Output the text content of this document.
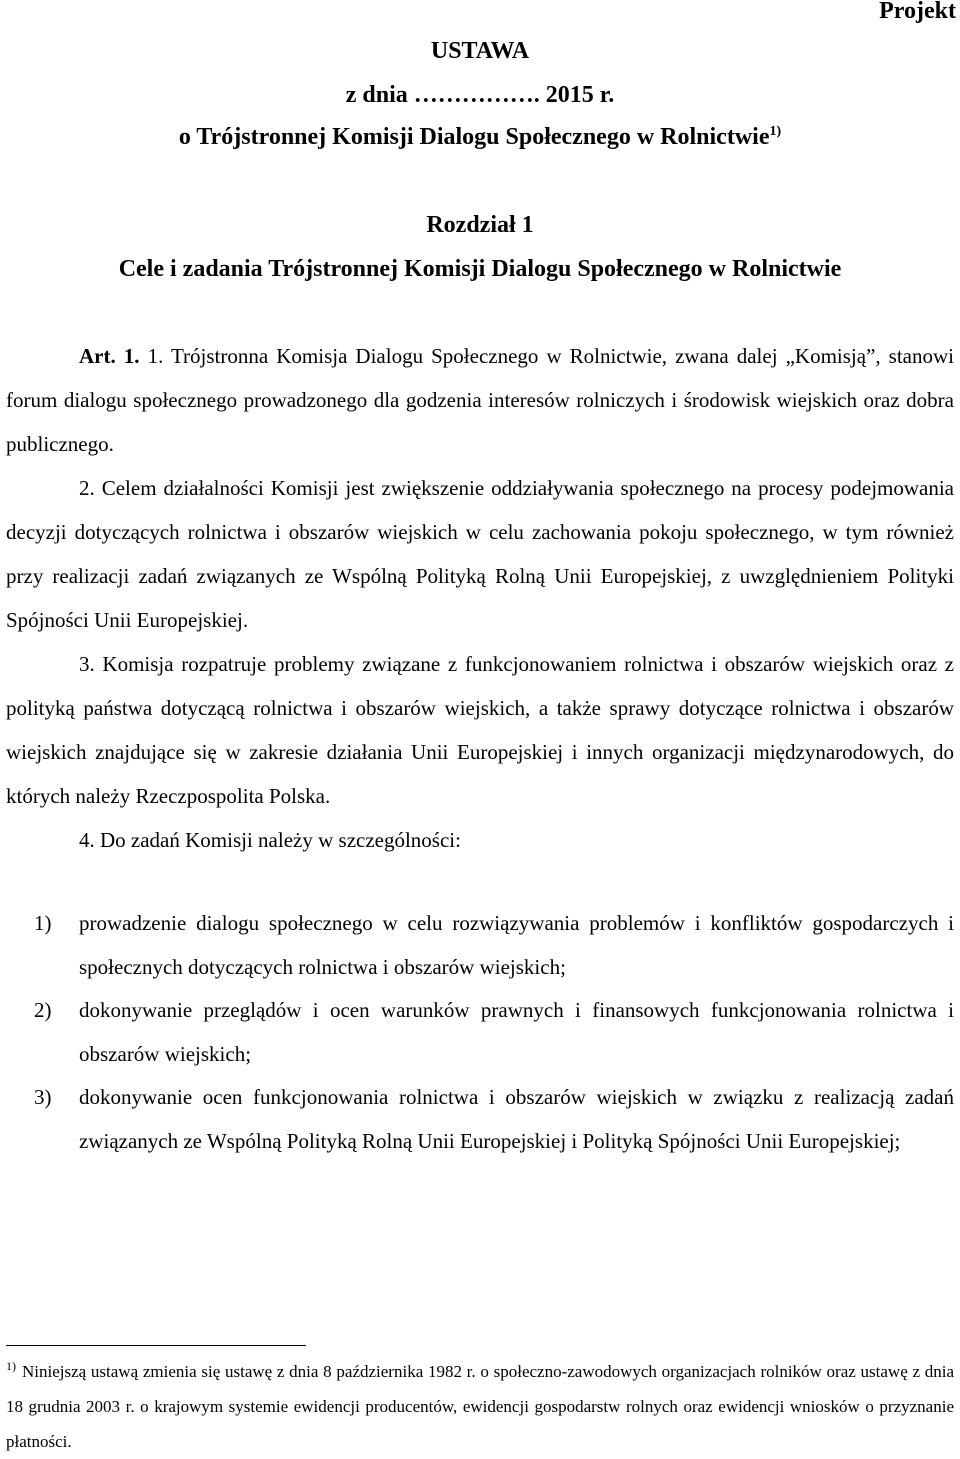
Projekt
USTAWA
z dnia ……………. 2015 r.
o Trójstronnej Komisji Dialogu Społecznego w Rolnictwie$^{1)}$
Rozdział 1
Cele i zadania Trójstronnej Komisji Dialogu Społecznego w Rolnictwie

Art. 1. 1. Trójstronna Komisja Dialogu Społecznego w Rolnictwie, zwana dalej „Komisją”, stanowi forum dialogu społecznego prowadzonego dla godzenia interesów rolniczych i środowisk wiejskich oraz dobra publicznego.

2. Celem działalności Komisji jest zwiększenie oddziaływania społecznego na procesy podejmowania decyzji dotyczących rolnictwa i obszarów wiejskich w celu zachowania pokoju społecznego, w tym również przy realizacji zadań związanych ze Wspólną Polityką Rolną Unii Europejskiej, z uwzględnieniem Polityki Spójności Unii Europejskiej.

3. Komisja rozpatruje problemy związane z funkcjonowaniem rolnictwa i obszarów wiejskich oraz z polityką państwa dotyczącą rolnictwa i obszarów wiejskich, a także sprawy dotyczące rolnictwa i obszarów wiejskich znajdujące się w zakresie działania Unii Europejskiej i innych organizacji międzynarodowych, do których należy Rzeczpospolita Polska.

4. Do zadań Komisji należy w szczególności:

1)	prowadzenie dialogu społecznego w celu rozwiązywania problemów i konfliktów gospodarczych i społecznych dotyczących rolnictwa i obszarów wiejskich;
2)	dokonywanie przeglądów i ocen warunków prawnych i finansowych funkcjonowania rolnictwa i obszarów wiejskich;
3)	dokonywanie ocen funkcjonowania rolnictwa i obszarów wiejskich w związku z realizacją zadań związanych ze Wspólną Polityką Rolną Unii Europejskiej i Polityką Spójności Unii Europejskiej;
$^{1)}$ Niniejszą ustawą zmienia się ustawę z dnia 8 października 1982 r. o społeczno-zawodowych organizacjach rolników oraz ustawę z dnia 18 grudnia 2003 r. o krajowym systemie ewidencji producentów, ewidencji gospodarstw rolnych oraz ewidencji wniosków o przyznanie płatności.
